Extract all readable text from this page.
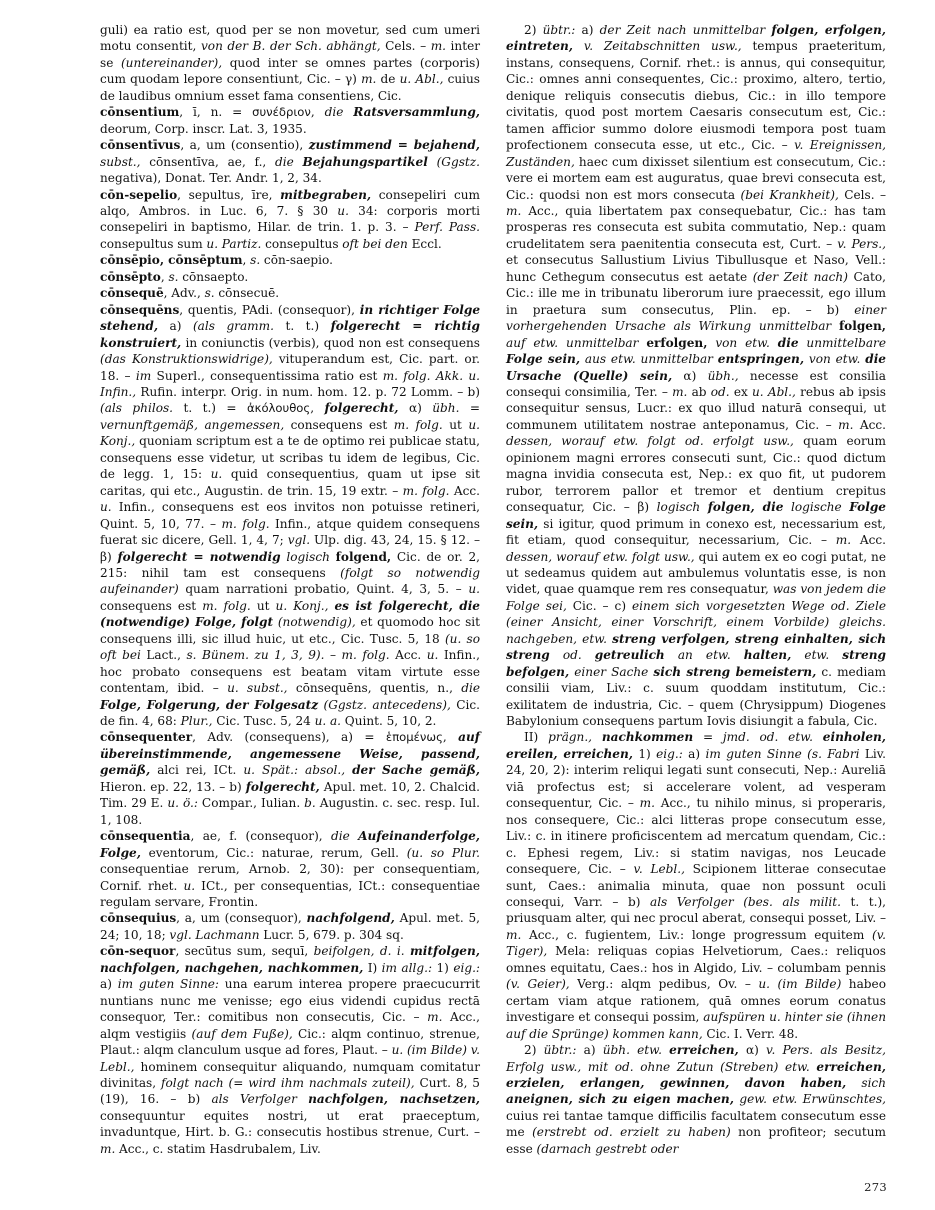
guli) ea ratio est, quod per se non movetur, sed cum umeri motu consentit, von der B. der Sch. abhängt, Cels. – m. inter se (untereinander), quod inter se omnes partes (corporis) cum quodam lepore consentiunt, Cic. – γ) m. de u. Abl., cuius de laudibus omnium esset fama consentiens, Cic.

cōnsentium, ī, n. = συνέδριον, die Ratsversammlung, deorum, Corp. inscr. Lat. 3, 1935.

cōnsentīvus, a, um (consentio), zustimmend = bejahend, subst., cōnsentīva, ae, f., die Bejahungspartikel (Ggstz. negativa), Donat. Ter. Andr. 1, 2, 34.

cōn-sepelio, sepultus, īre, mitbegraben, consepeliri cum alqo, Ambros. in Luc. 6, 7. § 30 u. 34: corporis morti consepeliri in baptismo, Hilar. de trin. 1. p. 3. – Perf. Pass. consepultus sum u. Partiz. consepultus oft bei den Eccl.

cōnsēpio, cōnsēptum, s. cōn-saepio.

cōnsēpto, s. cōnsaepto.

cōnsequē, Adv., s. cōnsecuē.

cōnsequēns, quentis, PAdi. (consequor), in richtiger Folge stehend, a) (als gramm. t. t.) folgerecht = richtig konstruiert, in coniunctis (verbis), quod non est consequens (das Konstruktionswidrige), vituperandum est, Cic. part. or. 18. – im Superl., consequentissima ratio est m. folg. Akk. u. Infin., Rufin. interpr. Orig. in num. hom. 12. p. 72 Lomm. – b) (als philos. t. t.) = ἀκόλουθος, folgerecht, α) übh. = vernunftgemäß, angemessen, consequens est m. folg. ut u. Konj., quoniam scriptum est a te de optimo rei publicae statu, consequens esse videtur, ut scribas tu idem de legibus, Cic. de legg. 1, 15: u. quid consequentius, quam ut ipse sit caritas, qui etc., Augustin. de trin. 15, 19 extr. – m. folg. Acc. u. Infin., consequens est eos invitos non potuisse retineri, Quint. 5, 10, 77. – m. folg. Infin., atque quidem consequens fuerat sic dicere, Gell. 1, 4, 7; vgl. Ulp. dig. 43, 24, 15. § 12. – β) folgerecht = notwendig logisch folgend, Cic. de or. 2, 215: nihil tam est consequens (folgt so notwendig aufeinander) quam narrationi probatio, Quint. 4, 3, 5. – u. consequens est m. folg. ut u. Konj., es ist folgerecht, die (notwendige) Folge, folgt (notwendig), et quomodo hoc sit consequens illi, sic illud huic, ut etc., Cic. Tusc. 5, 18 (u. so oft bei Lact., s. Bünem. zu 1, 3, 9). – m. folg. Acc. u. Infin., hoc probato consequens est beatam vitam virtute esse contentam, ibid. – u. subst., cōnsequēns, quentis, n., die Folge, Folgerung, der Folgesatz (Ggstz. antecedens), Cic. de fin. 4, 68: Plur., Cic. Tusc. 5, 24 u. a. Quint. 5, 10, 2.

cōnsequenter, Adv. (consequens), a) = ἑπομένως, auf übereinstimmende, angemessene Weise, passend, gemäß, alci rei, ICt. u. Spät.: absol., der Sache gemäß, Hieron. ep. 22, 13. – b) folgerecht, Apul. met. 10, 2. Chalcid. Tim. 29 E. u. ö.: Compar., Iulian. b. Augustin. c. sec. resp. Iul. 1, 108.

cōnsequentia, ae, f. (consequor), die Aufeinanderfolge, Folge, eventorum, Cic.: naturae, rerum, Gell. (u. so Plur. consequentiae rerum, Arnob. 2, 30): per consequentiam, Cornif. rhet. u. ICt., per consequentias, ICt.: consequentiae regulam servare, Frontin.

cōnsequius, a, um (consequor), nachfolgend, Apul. met. 5, 24; 10, 18; vgl. Lachmann Lucr. 5, 679. p. 304 sq.

cōn-sequor, secūtus sum, sequī, beifolgen, d. i. mitfolgen, nachfolgen, nachgehen, nachkommen, I) im allg.: 1) eig.: a) im guten Sinne: una earum interea propere praecucurrit nuntians nunc me venisse; ego eius videndi cupidus rectā consequor, Ter.: comitibus non consecutis, Cic. – m. Acc., alqm vestigiis (auf dem Fuße), Cic.: alqm continuo, strenue, Plaut.: alqm clanculum usque ad fores, Plaut. – u. (im Bilde) v. Lebl., hominem consequitur aliquando, numquam comitatur divinitas, folgt nach (= wird ihm nachmals zuteil), Curt. 8, 5 (19), 16. – b) als Verfolger nachfolgen, nachsetzen, consequuntur equites nostri, ut erat praeceptum, invaduntque, Hirt. b. G.: consecutis hostibus strenue, Curt. – m. Acc., c. statim Hasdrubalem, Liv.

2) übtr.: a) der Zeit nach unmittelbar folgen, erfolgen, eintreten, v. Zeitabschnitten usw., tempus praeteritum, instans, consequens, Cornif. rhet.: is annus, qui consequitur, Cic.: omnes anni consequentes, Cic.: proximo, altero, tertio, denique reliquis consecutis diebus, Cic.: in illo tempore civitatis, quod post mortem Caesaris consecutum est, Cic.: tamen afficior summo dolore eiusmodi tempora post tuam profectionem consecuta esse, ut etc., Cic. – v. Ereignissen, Zuständen, haec cum dixisset silentium est consecutum, Cic.: vere ei mortem eam est auguratus, quae brevi consecuta est, Cic.: quodsi non est mors consecuta (bei Krankheit), Cels. – m. Acc., quia libertatem pax consequebatur, Cic.: has tam prosperas res consecuta est subita commutatio, Nep.: quam crudelitatem sera paenitentia consecuta est, Curt. – v. Pers., et consecutus Sallustium Livius Tibullusque et Naso, Vell.: hunc Cethegum consecutus est aetate (der Zeit nach) Cato, Cic.: ille me in tribunatu liberorum iure praecessit, ego illum in praetura sum consecutus, Plin. ep. – b) einer vorhergehenden Ursache als Wirkung unmittelbar folgen, auf etw. unmittelbar erfolgen, von etw. die unmittelbare Folge sein, aus etw. unmittelbar entspringen, von etw. die Ursache (Quelle) sein, α) übh., necesse est consilia consequi consimilia, Ter. – m. ab od. ex u. Abl., rebus ab ipsis consequitur sensus, Lucr.: ex quo illud naturā consequi, ut communem utilitatem nostrae anteponamus, Cic. – m. Acc. dessen, worauf etw. folgt od. erfolgt usw., quam eorum opinionem magni errores consecuti sunt, Cic.: quod dictum magna invidia consecuta est, Nep.: ex quo fit, ut pudorem rubor, terrorem pallor et tremor et dentium crepitus consequatur, Cic. – β) logisch folgen, die logische Folge sein, si igitur, quod primum in conexo est, necessarium est, fit etiam, quod consequitur, necessarium, Cic. – m. Acc. dessen, worauf etw. folgt usw., qui autem ex eo cogi putat, ne ut sedeamus quidem aut ambulemus voluntatis esse, is non videt, quae quamque rem res consequatur, was von jedem die Folge sei, Cic. – c) einem sich vorgesetzten Wege od. Ziele (einer Ansicht, einer Vorschrift, einem Vorbilde) gleichs. nachgeben, etw. streng verfolgen, streng einhalten, sich streng od. getreulich an etw. halten, etw. streng befolgen, einer Sache sich streng bemeistern, c. mediam consilii viam, Liv.: c. suum quoddam institutum, Cic.: exilitatem de industria, Cic. – quem (Chrysippum) Diogenes Babylonium consequens partum Iovis disiungit a fabula, Cic.

II) prägn., nachkommen = jmd. od. etw. einholen, ereilen, erreichen, 1) eig.: a) im guten Sinne (s. Fabri Liv. 24, 20, 2): interim reliqui legati sunt consecuti, Nep.: Aureliā viā profectus est; si accelerare volent, ad vesperam consequentur, Cic. – m. Acc., tu nihilo minus, si properaris, nos consequere, Cic.: alci litteras prope consecutum esse, Liv.: c. in itinere proficiscentem ad mercatum quendam, Cic.: c. Ephesi regem, Liv.: si statim navigas, nos Leucade consequere, Cic. – v. Lebl., Scipionem litterae consecutae sunt, Caes.: animalia minuta, quae non possunt oculi consequi, Varr. – b) als Verfolger (bes. als milit. t. t.), priusquam alter, qui nec procul aberat, consequi posset, Liv. – m. Acc., c. fugientem, Liv.: longe progressum equitem (v. Tiger), Mela: reliquas copias Helvetiorum, Caes.: reliquos omnes equitatu, Caes.: hos in Algido, Liv. – columbam pennis (v. Geier), Verg.: alqm pedibus, Ov. – u. (im Bilde) habeo certam viam atque rationem, quā omnes eorum conatus investigare et consequi possim, aufspüren u. hinter sie (ihnen auf die Sprünge) kommen kann, Cic. I. Verr. 48.

2) übtr.: a) übh. etw. erreichen, α) v. Pers. als Besitz, Erfolg usw., mit od. ohne Zutun (Streben) etw. erreichen, erzielen, erlangen, gewinnen, davon haben, sich aneignen, sich zu eigen machen, gew. etw. Erwünschtes, cuius rei tantae tamque difficilis facultatem consecutum esse me (erstrebt od. erzielt zu haben) non profiteor; secutum esse (darnach gestrebt oder

273
